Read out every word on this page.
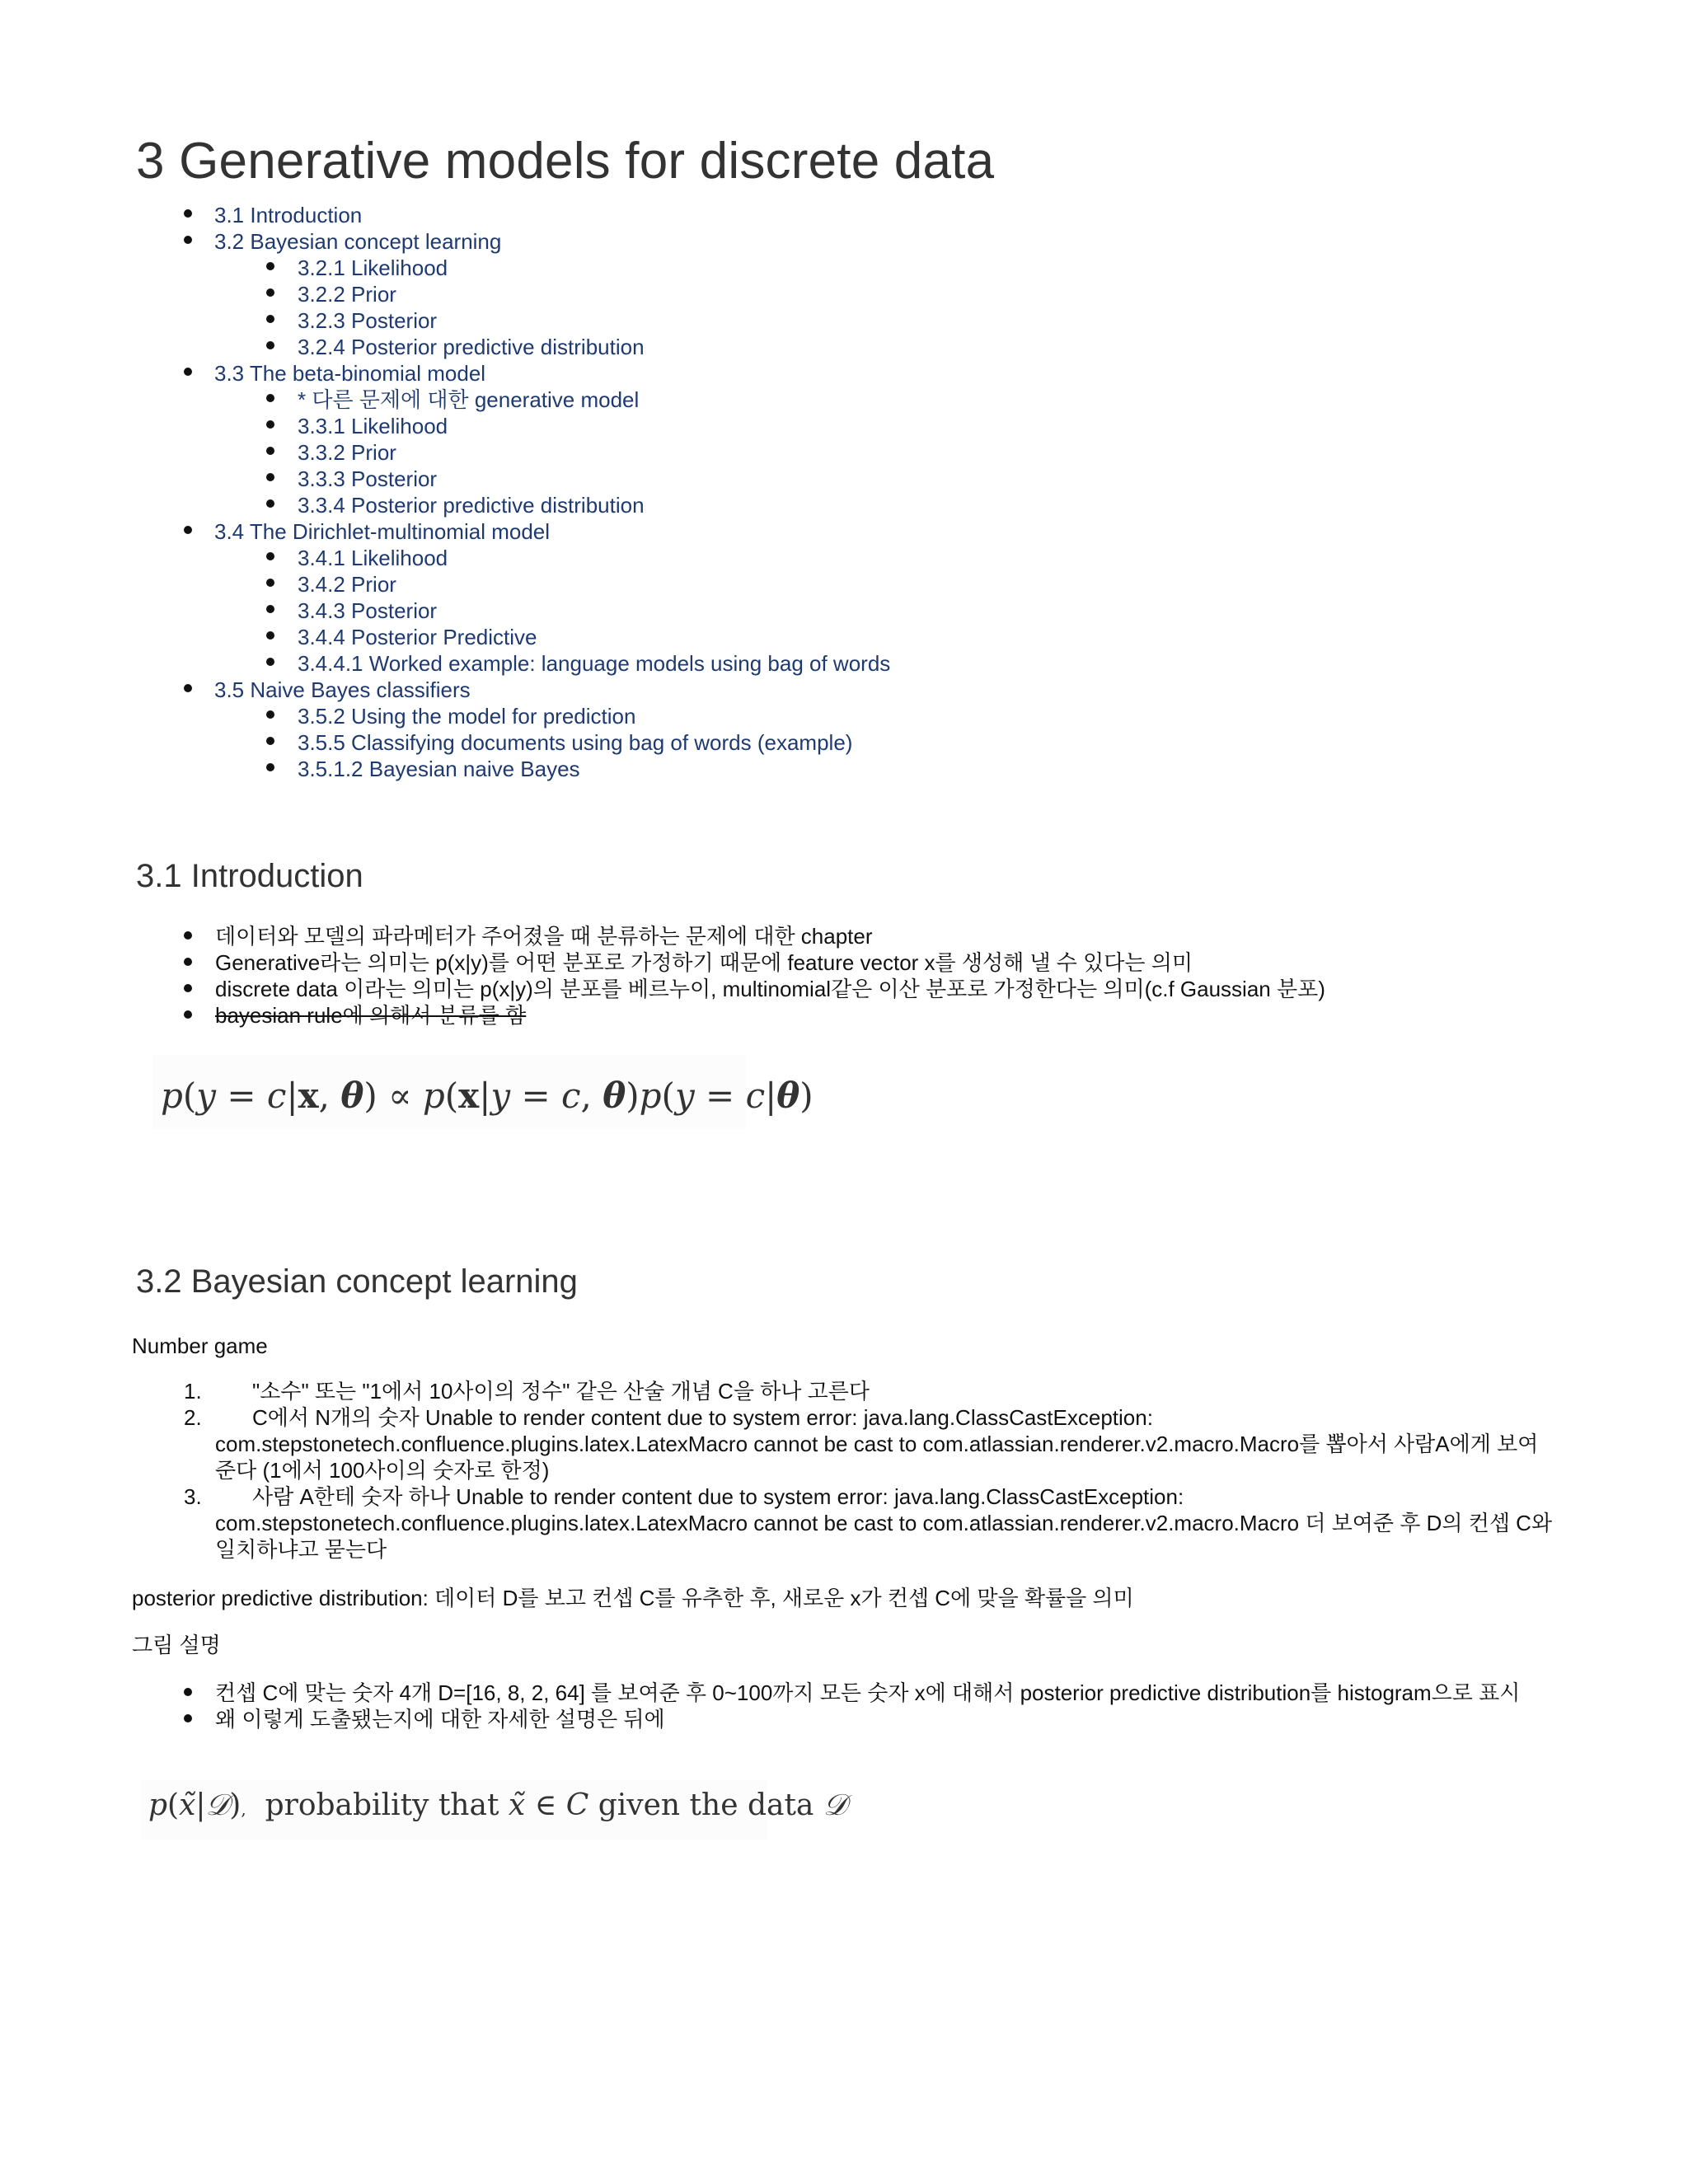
3 Generative models for discrete data
3.1 Introduction
3.2 Bayesian concept learning
3.2.1 Likelihood
3.2.2 Prior
3.2.3 Posterior
3.2.4 Posterior predictive distribution
3.3 The beta-binomial model
* 다른 문제에 대한 generative model
3.3.1 Likelihood
3.3.2 Prior
3.3.3 Posterior
3.3.4 Posterior predictive distribution
3.4 The Dirichlet-multinomial model
3.4.1 Likelihood
3.4.2 Prior
3.4.3 Posterior
3.4.4 Posterior Predictive
3.4.4.1 Worked example: language models using bag of words
3.5 Naive Bayes classifiers
3.5.2 Using the model for prediction
3.5.5 Classifying documents using bag of words (example)
3.5.1.2 Bayesian naive Bayes
3.1 Introduction
데이터와 모델의 파라메터가 주어졌을 때 분류하는 문제에 대한 chapter
Generative라는 의미는 p(x|y)를 어떤 분포로 가정하기 때문에 feature vector x를 생성해 낼 수 있다는 의미
discrete data 이라는 의미는 p(x|y)의 분포를 베르누이, multinomial같은 이산 분포로 가정한다는 의미(c.f Gaussian 분포)
bayesian rule에 의해서 분류를 함
p(y = c|x, θ) ∝ p(x|y = c, θ)p(y = c|θ)
3.2 Bayesian concept learning

Number game

1. "소수" 또는 "1에서 10사이의 정수" 같은 산술 개념 C을 하나 고른다
2. C에서 N개의 숫자 Unable to render content due to system error: java.lang.ClassCastException: com.stepstonetech.confluence.plugins.latex.LatexMacro cannot be cast to com.atlassian.renderer.v2.macro.Macro를 뽑아서 사람A에게 보여준다 (1에서 100사이의 숫자로 한정)
3. 사람 A한테 숫자 하나 Unable to render content due to system error: java.lang.ClassCastException: com.stepstonetech.confluence.plugins.latex.LatexMacro cannot be cast to com.atlassian.renderer.v2.macro.Macro 더 보여준 후 D의 컨셉 C와 일치하냐고 묻는다

posterior predictive distribution: 데이터 D를 보고 컨셉 C를 유추한 후, 새로운 x가 컨셉 C에 맞을 확률을 의미

그림 설명

컨셉 C에 맞는 숫자 4개 D=[16, 8, 2, 64] 를 보여준 후 0~100까지 모든 숫자 x에 대해서 posterior predictive distribution를 histogram으로 표시
왜 이렇게 도출됐는지에 대한 자세한 설명은 뒤에
p(x̃|𝒟),  probability that x̃ ∈ C given the data 𝒟
